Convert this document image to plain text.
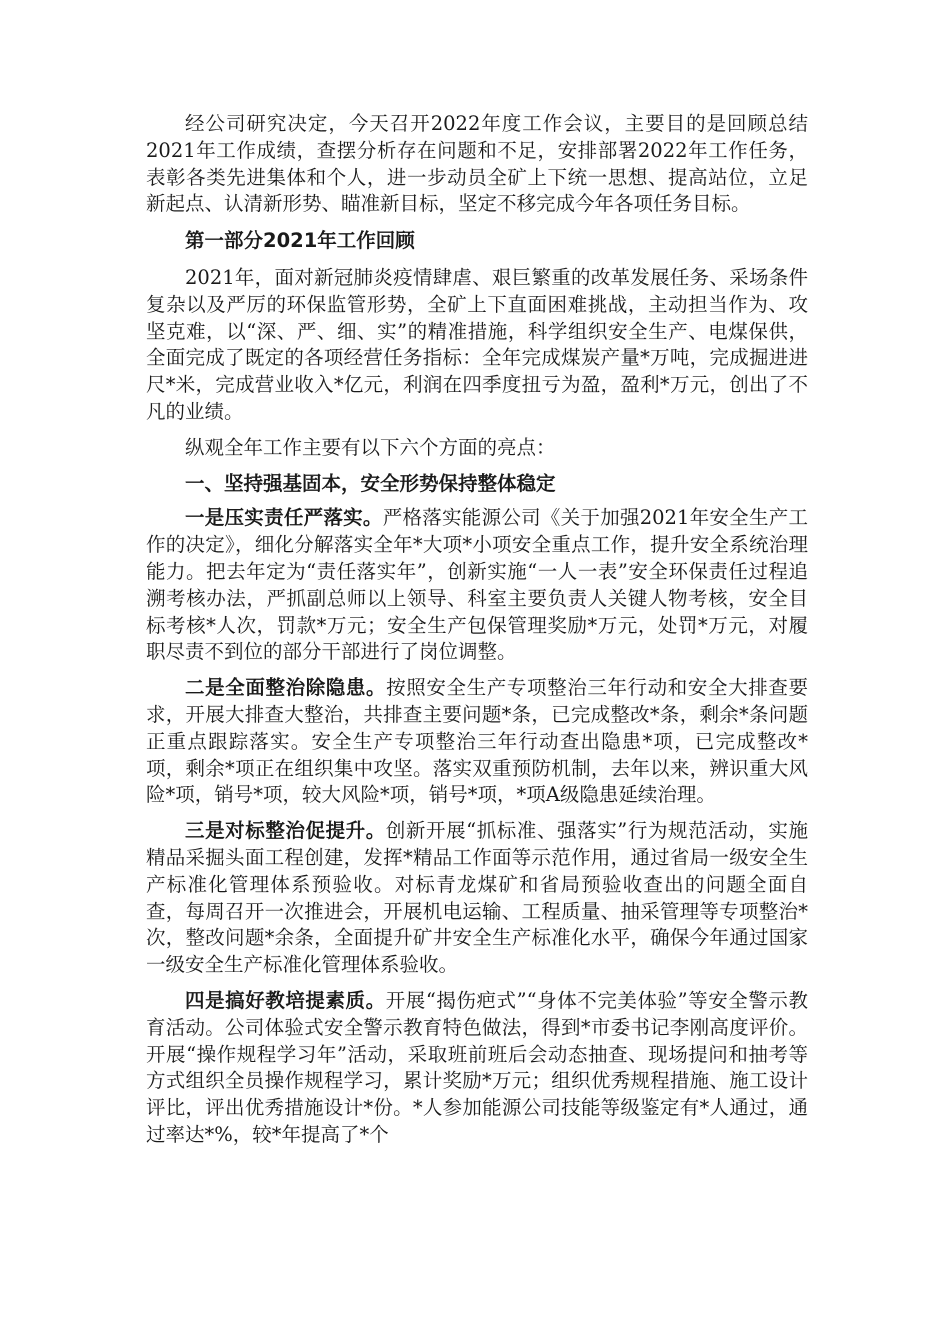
经公司研究决定，今天召开2022年度工作会议，主要目的是回顾总结2021年工作成绩，查摆分析存在问题和不足，安排部署2022年工作任务，表彰各类先进集体和个人，进一步动员全矿上下统一思想、提高站位，立足新起点、认清新形势、瞄准新目标，坚定不移完成今年各项任务目标。

第一部分2021年工作回顾

2021年，面对新冠肺炎疫情肆虐、艰巨繁重的改革发展任务、采场条件复杂以及严厉的环保监管形势，全矿上下直面困难挑战，主动担当作为、攻坚克难，以“深、严、细、实”的精准措施，科学组织安全生产、电煤保供，全面完成了既定的各项经营任务指标：全年完成煤炭产量*万吨，完成掘进进尺*米，完成营业收入*亿元，利润在四季度扭亏为盈，盈利*万元，创出了不凡的业绩。

纵观全年工作主要有以下六个方面的亮点：

一、坚持强基固本，安全形势保持整体稳定

一是压实责任严落实。严格落实能源公司《关于加强2021年安全生产工作的决定》，细化分解落实全年*大项*小项安全重点工作，提升安全系统治理能力。把去年定为“责任落实年”，创新实施“一人一表”安全环保责任过程追溯考核办法，严抓副总师以上领导、科室主要负责人关键人物考核，安全目标考核*人次，罚款*万元；安全生产包保管理奖励*万元，处罚*万元，对履职尽责不到位的部分干部进行了岗位调整。

二是全面整治除隐患。按照安全生产专项整治三年行动和安全大排查要求，开展大排查大整治，共排查主要问题*条，已完成整改*条，剩余*条问题正重点跟踪落实。安全生产专项整治三年行动查出隐患*项，已完成整改*项，剩余*项正在组织集中攻坚。落实双重预防机制，去年以来，辨识重大风险*项，销号*项，较大风险*项，销号*项，*项A级隐患延续治理。

三是对标整治促提升。创新开展“抓标准、强落实”行为规范活动，实施精品采掘头面工程创建，发挥*精品工作面等示范作用，通过省局一级安全生产标准化管理体系预验收。对标青龙煤矿和省局预验收查出的问题全面自查，每周召开一次推进会，开展机电运输、工程质量、抽采管理等专项整治*次，整改问题*余条，全面提升矿井安全生产标准化水平，确保今年通过国家一级安全生产标准化管理体系验收。

四是搞好教培提素质。开展“揭伤疤式”“身体不完美体验”等安全警示教育活动。公司体验式安全警示教育特色做法，得到*市委书记李刚高度评价。开展“操作规程学习年”活动，采取班前班后会动态抽查、现场提问和抽考等方式组织全员操作规程学习，累计奖励*万元；组织优秀规程措施、施工设计评比，评出优秀措施设计*份。*人参加能源公司技能等级鉴定有*人通过，通过率达*%，较*年提高了*个
